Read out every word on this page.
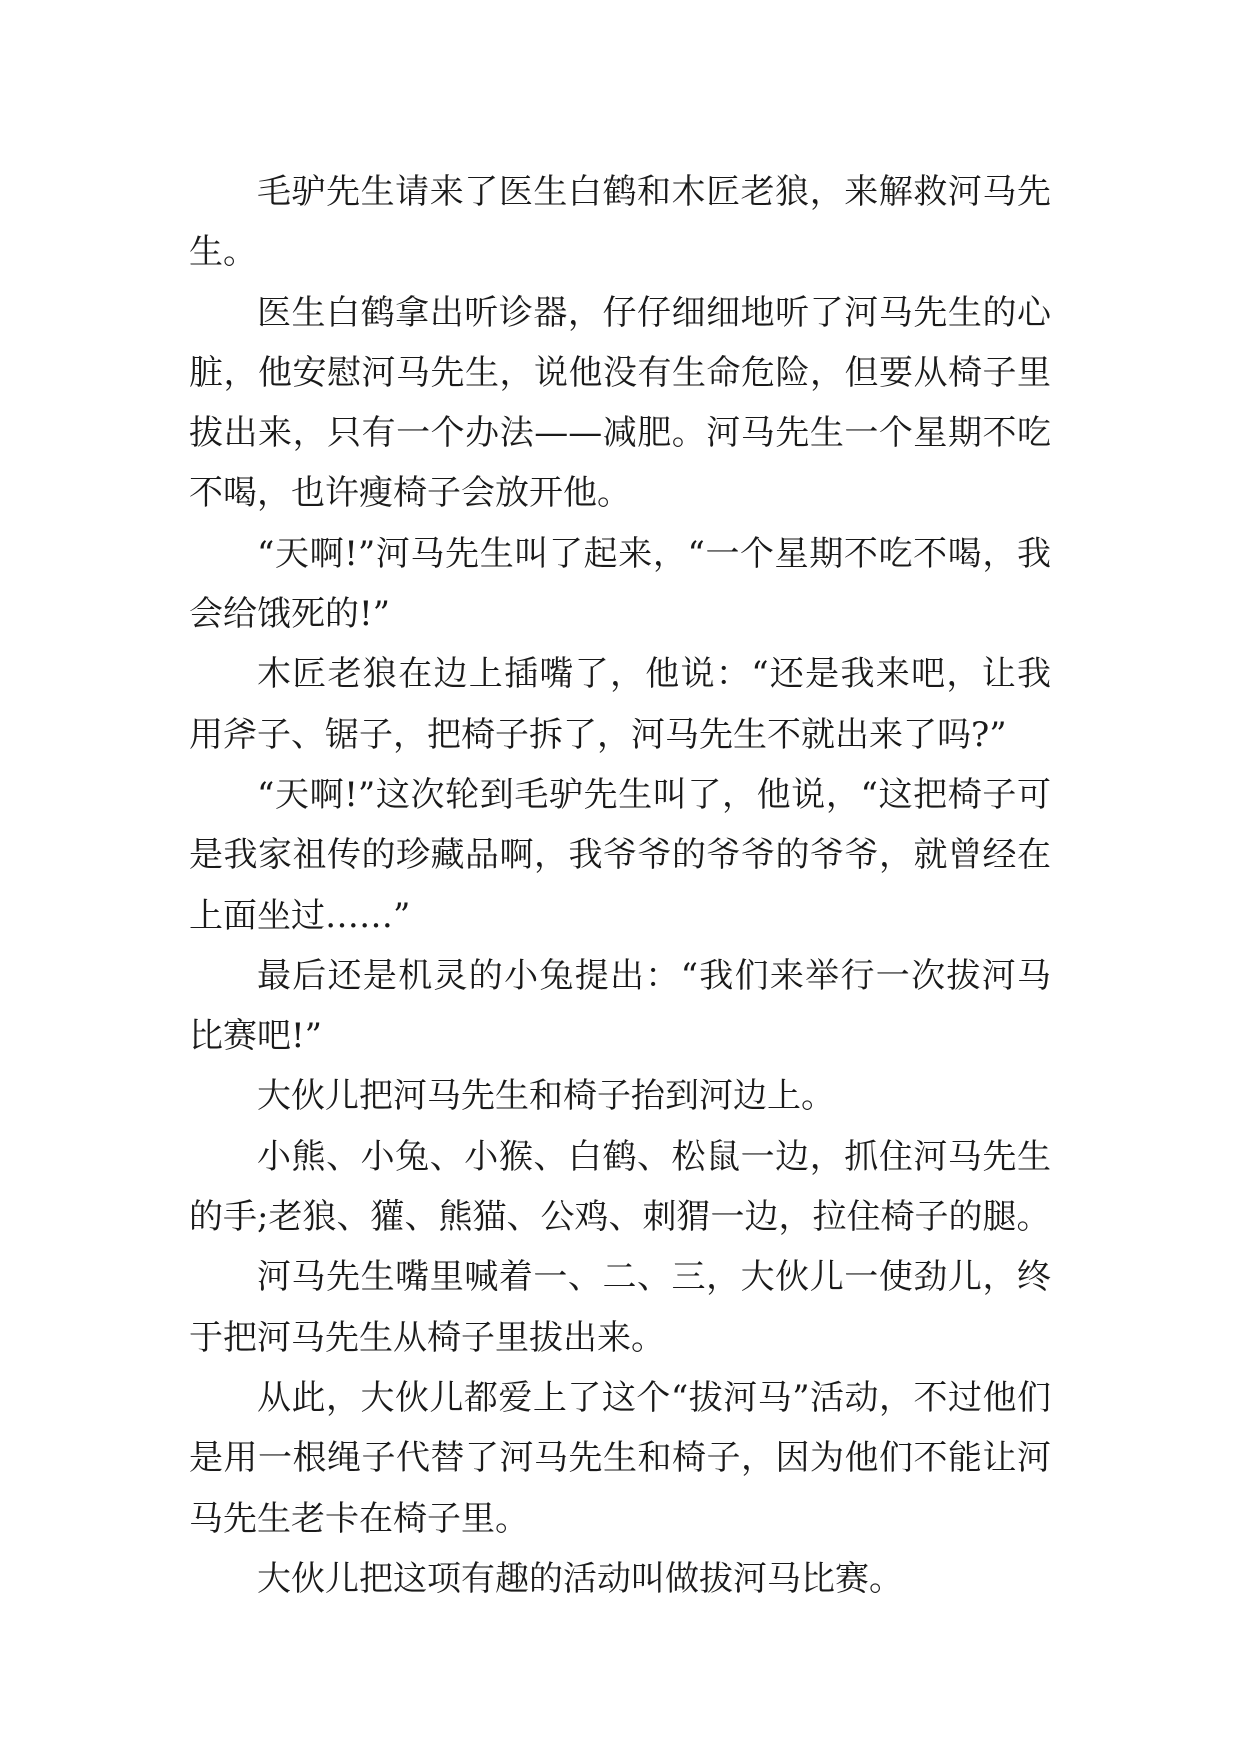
毛驴先生请来了医生白鹤和木匠老狼，来解救河马先生。

医生白鹤拿出听诊器，仔仔细细地听了河马先生的心脏，他安慰河马先生，说他没有生命危险，但要从椅子里拔出来，只有一个办法——减肥。河马先生一个星期不吃不喝，也许瘦椅子会放开他。

“天啊!”河马先生叫了起来，“一个星期不吃不喝，我会给饿死的!”

木匠老狼在边上插嘴了，他说：“还是我来吧，让我用斧子、锯子，把椅子拆了，河马先生不就出来了吗?”

“天啊!”这次轮到毛驴先生叫了，他说，“这把椅子可是我家祖传的珍藏品啊，我爷爷的爷爷的爷爷，就曾经在上面坐过……”

最后还是机灵的小兔提出：“我们来举行一次拔河马比赛吧!”

大伙儿把河马先生和椅子抬到河边上。

小熊、小兔、小猴、白鹤、松鼠一边，抓住河马先生的手;老狼、獾、熊猫、公鸡、刺猬一边，拉住椅子的腿。

河马先生嘴里喊着一、二、三，大伙儿一使劲儿，终于把河马先生从椅子里拔出来。

从此，大伙儿都爱上了这个“拔河马”活动，不过他们是用一根绳子代替了河马先生和椅子，因为他们不能让河马先生老卡在椅子里。

大伙儿把这项有趣的活动叫做拔河马比赛。
